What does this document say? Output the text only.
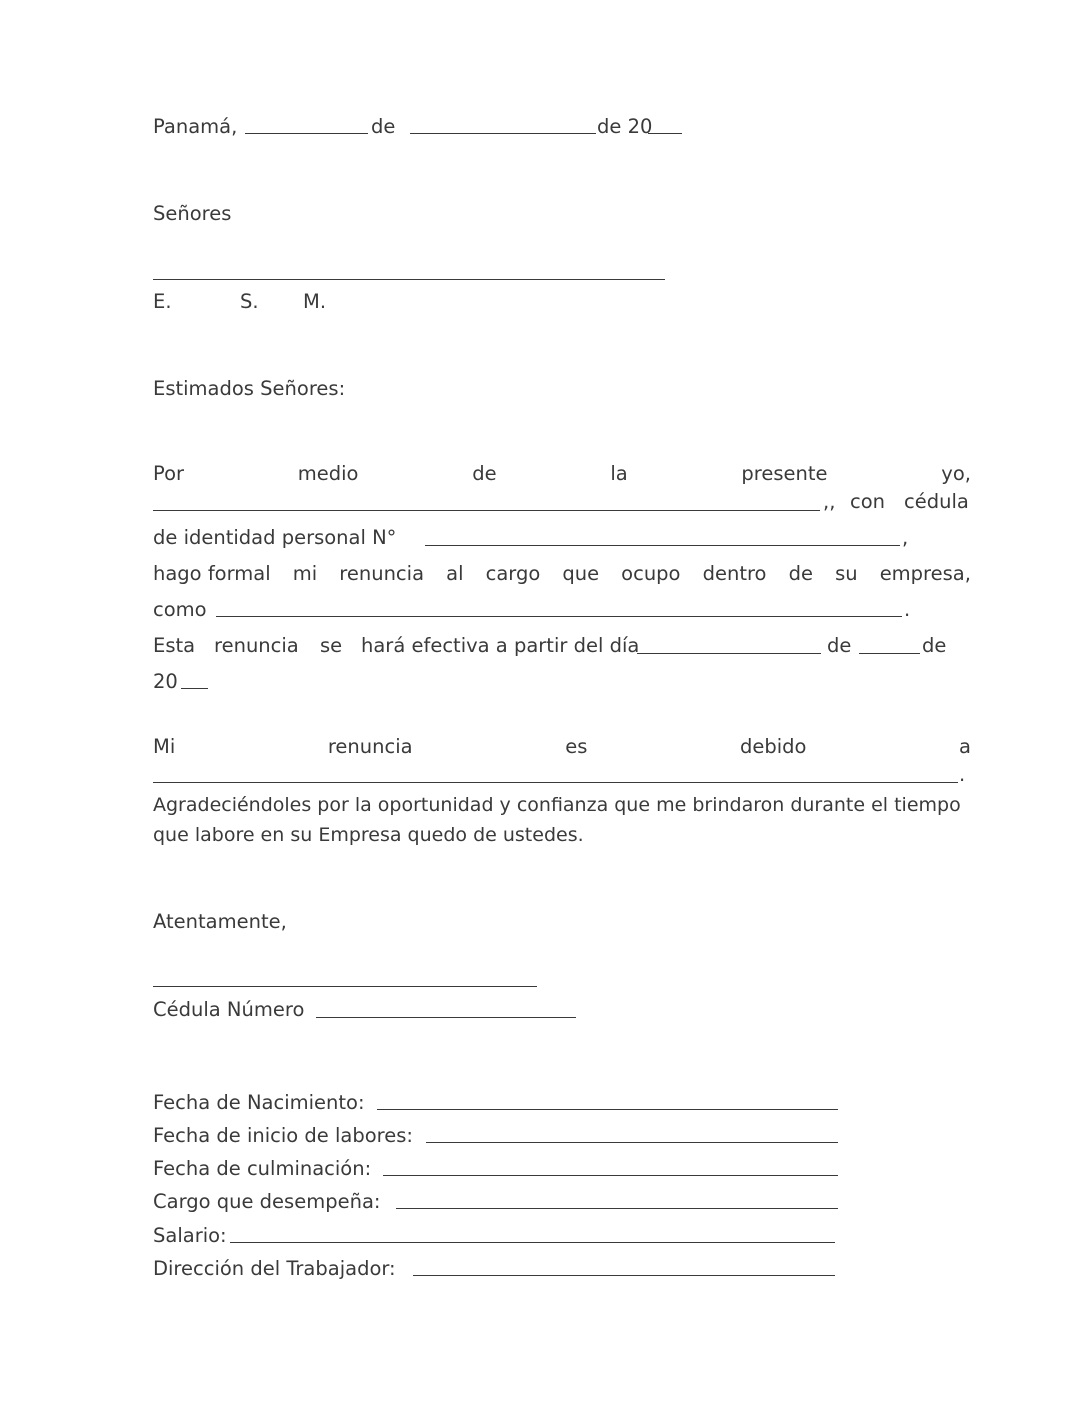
Panamá,	de	de 20
Señores
E.	S. M.
Estimados Señores:
Por	medio	de	la	presente	yo,
,, con cédula
de identidad personal N°	,
hago formal mi renuncia al cargo que ocupo dentro de su empresa,
como	.
Esta renuncia se hará efectiva a partir del día	de	de
20
Mi	renuncia	es	debido	a
.
Agradeciéndoles por la oportunidad y confianza que me brindaron durante el tiempo
que labore en su Empresa quedo de ustedes.
Atentamente,
Cédula Número
Fecha de Nacimiento:
Fecha de inicio de labores:
Fecha de culminación:
Cargo que desempeña:
Salario:
Dirección del Trabajador:
